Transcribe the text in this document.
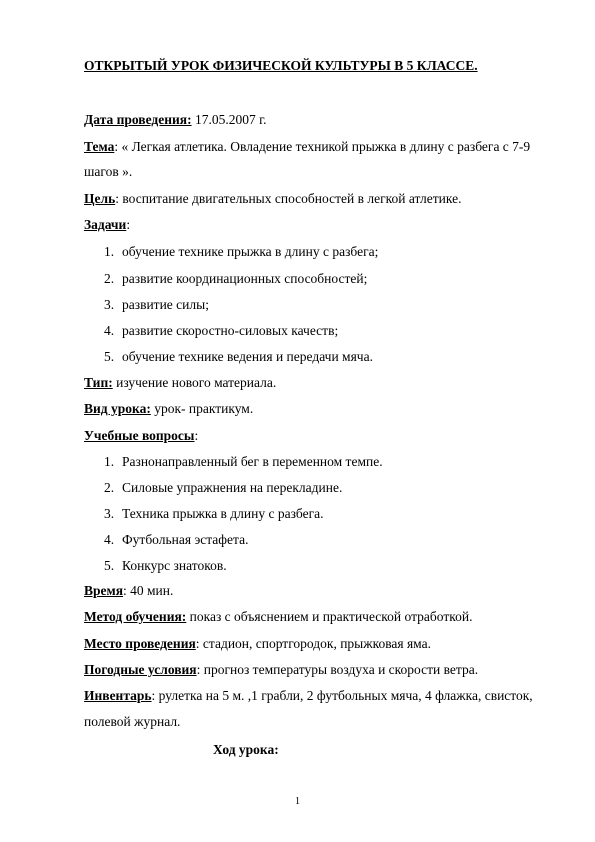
ОТКРЫТЫЙ УРОК ФИЗИЧЕСКОЙ КУЛЬТУРЫ В 5 КЛАССЕ.
Дата проведения: 17.05.2007 г.
Тема: « Легкая атлетика. Овладение техникой прыжка в длину с разбега с 7-9
шагов ».
Цель: воспитание двигательных способностей в легкой атлетике.
Задачи:
1. обучение технике прыжка в длину с разбега;
2. развитие координационных способностей;
3. развитие силы;
4. развитие скоростно-силовых качеств;
5. обучение технике ведения и передачи мяча.
Тип: изучение нового материала.
Вид урока: урок- практикум.
Учебные вопросы:
1. Разнонаправленный бег в переменном темпе.
2. Силовые упражнения на перекладине.
3. Техника прыжка в длину с разбега.
4. Футбольная эстафета.
5. Конкурс знатоков.
Время: 40 мин.
Метод обучения: показ с объяснением и практической отработкой.
Место проведения: стадион, спортгородок, прыжковая яма.
Погодные условия: прогноз температуры воздуха и скорости ветра.
Инвентарь: рулетка на 5 м. ,1 грабли, 2 футбольных мяча, 4 флажка, свисток,
полевой журнал.
Ход урока:
1
